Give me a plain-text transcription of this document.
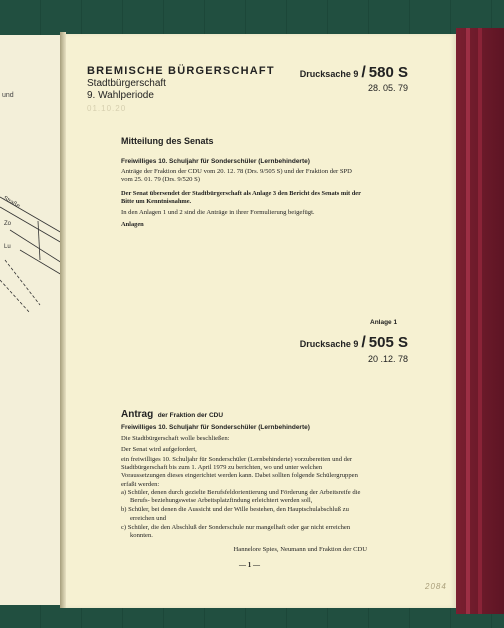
und
Straße
Zo
Lu
BREMISCHE BÜRGERSCHAFT
Stadtbürgerschaft
9. Wahlperiode
01.10.20
Drucksache 9 / 580 S
28. 05. 79
Mitteilung des Senats
Freiwilliges 10. Schuljahr für Sonderschüler (Lernbehinderte)
Anträge der Fraktion der CDU vom 20. 12. 78 (Drs. 9/505 S) und der Fraktion der SPD vom 25. 01. 79 (Drs. 9/520 S)
Der Senat übersendet der Stadtbürgerschaft als Anlage 3 den Bericht des Senats mit der Bitte um Kenntnisnahme.
In den Anlagen 1 und 2 sind die Anträge in ihrer Formulierung beigefügt.
Anlagen
Anlage 1
Drucksache 9 / 505 S
20 .12. 78
Antrag der Fraktion der CDU
Freiwilliges 10. Schuljahr für Sonderschüler (Lernbehinderte)
Die Stadtbürgerschaft wolle beschließen:
Der Senat wird aufgefordert,
ein freiwilliges 10. Schuljahr für Sonderschüler (Lernbehinderte) vorzubereiten und der Stadtbürgerschaft bis zum 1. April 1979 zu berichten, wo und unter welchen Voraussetzungen dieses eingerichtet werden kann. Dabei sollten folgende Schülergruppen erfaßt werden:
a) Schüler, denen durch gezielte Berufsfeldorientierung und Förderung der Arbeitsreife die Berufs- beziehungsweise Arbeitsplatzfindung erleichtert werden soll,
b) Schüler, bei denen die Aussicht und der Wille bestehen, den Hauptschulabschluß zu erreichen und
c) Schüler, die den Abschluß der Sonderschule nur mangelhaft oder gar nicht erreichen konnten.
Hannelore Spies, Neumann und Fraktion der CDU
— 1 —
2084
